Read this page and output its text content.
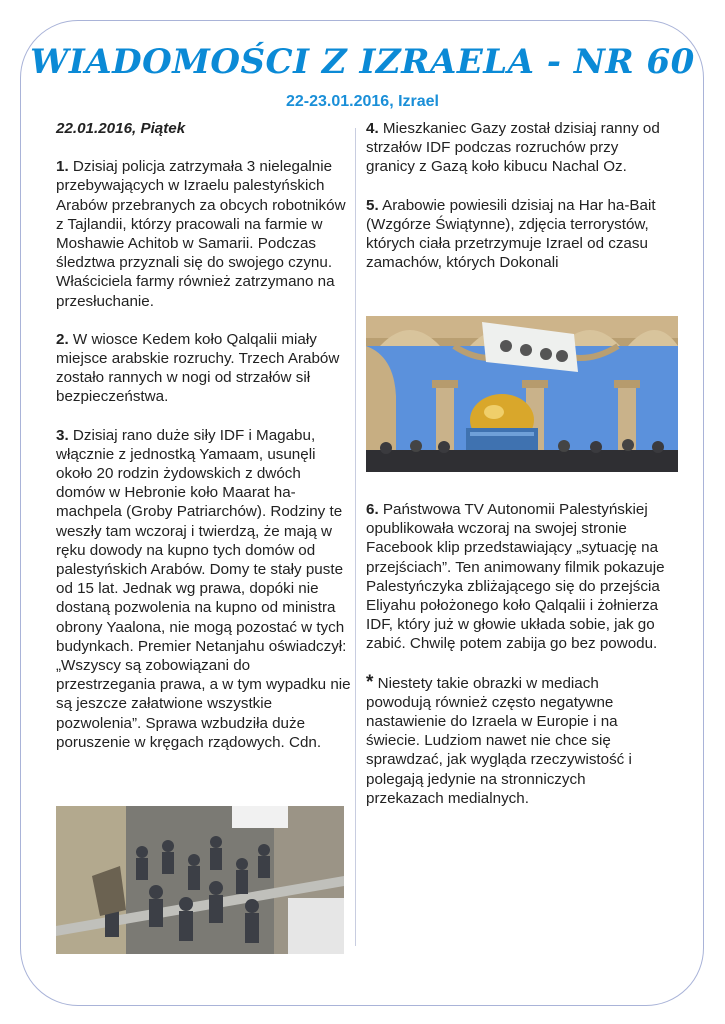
WIADOMOŚCI Z IZRAELA - NR 60
22-23.01.2016, Izrael
22.01.2016, Piątek

1. Dzisiaj policja zatrzymała 3 nielegalnie przebywających w Izraelu palestyńskich Arabów przebranych za obcych robotników z Tajlandii, którzy pracowali na farmie w Moshawie Achitob w Samarii. Podczas śledztwa przyznali się do swojego czynu. Właściciela farmy również zatrzymano na przesłuchanie.

2. W wiosce Kedem koło Qalqalii miały miejsce arabskie rozruchy. Trzech Arabów zostało rannych w nogi od strzałów sił bezpieczeństwa.

3. Dzisiaj rano duże siły IDF i Magabu, włącznie z jednostką Yamaam, usunęli około 20 rodzin żydowskich z dwóch domów w Hebronie koło Maarat ha-machpela (Groby Patriarchów). Rodziny te weszły tam wczoraj i twierdzą, że mają w ręku dowody na kupno tych domów od palestyńskich Arabów. Domy te stały puste od 15 lat. Jednak wg prawa, dopóki nie dostaną pozwolenia na kupno od ministra obrony Yaalona, nie mogą pozostać w tych budynkach. Premier Netanjahu oświadczył: „Wszyscy są zobowiązani do przestrzegania prawa, a w tym wypadku nie są jeszcze załatwione wszystkie pozwolenia”. Sprawa wzbudziła duże poruszenie w kręgach rządowych. Cdn.

4. Mieszkaniec Gazy został dzisiaj ranny od strzałów IDF podczas rozruchów przy granicy z Gazą koło kibucu Nachal Oz.

5. Arabowie powiesili dzisiaj na Har ha-Bait (Wzgórze Świątynne), zdjęcia terrorystów, których ciała przetrzymuje Izrael od czasu zamachów, których Dokonali

6. Państwowa TV Autonomii Palestyńskiej opublikowała wczoraj na swojej stronie Facebook klip przedstawiający „sytuację na przejściach”. Ten animowany filmik pokazuje Palestyńczyka zbliżającego się do przejścia Eliyahu położonego koło Qalqalii i żołnierza IDF, który już w głowie układa sobie, jak go zabić. Chwilę potem zabija go bez powodu.

* Niestety takie obrazki w mediach powodują również często negatywne nastawienie do Izraela w Europie i na świecie. Ludziom nawet nie chce się sprawdzać, jak wygląda rzeczywistość i polegają jedynie na stronniczych przekazach medialnych.
